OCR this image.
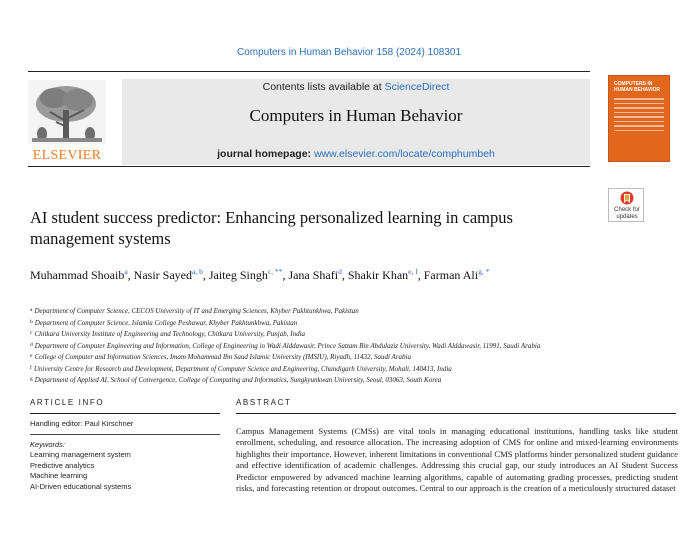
Computers in Human Behavior 158 (2024) 108301
ELSEVIER
Contents lists available at ScienceDirect
Computers in Human Behavior
journal homepage: www.elsevier.com/locate/comphumbeh
COMPUTERS IN HUMAN BEHAVIOR
Check for
updates
AI student success predictor: Enhancing personalized learning in campus management systems
Muhammad Shoaib$^a$, Nasir Sayed$^{a, b}$, Jaiteg Singh$^{c, **}$, Jana Shafi$^d$, Shakir Khan$^{e, f}$, Farman Ali$^{g, *}$
$^a$ Department of Computer Science, CECOS University of IT and Emerging Sciences, Khyber Pakhtunkhwa, Pakistan
$^b$ Department of Computer Science, Islamia College Peshawar, Khyber Pakhtunkhwa, Pakistan
$^c$ Chitkara University Institute of Engineering and Technology, Chitkara University, Punjab, India
$^d$ Department of Computer Engineering and Information, College of Engineering in Wadi Alddawasir, Prince Sattam Bin Abdulaziz University, Wadi Alddawasir, 11991, Saudi Arabia
$^e$ College of Computer and Information Sciences, Imam Mohammad Ibn Saud Islamic University (IMSIU), Riyadh, 11432, Saudi Arabia
$^f$ University Centre for Research and Development, Department of Computer Science and Engineering, Chandigarh University, Mohali, 140413, India
$^g$ Department of Applied AI, School of Convergence, College of Computing and Informatics, Sungkyunkwan University, Seoul, 03063, South Korea
ARTICLE INFO
Handling editor: Paul Kirschner
Keywords:
Learning management system
Predictive analytics
Machine learning
AI-Driven educational systems
ABSTRACT
Campus Management Systems (CMSs) are vital tools in managing educational institutions, handling tasks like student enrollment, scheduling, and resource allocation. The increasing adoption of CMS for online and mixed-learning environments highlights their importance. However, inherent limitations in conventional CMS platforms hinder personalized student guidance and effective identification of academic challenges. Addressing this crucial gap, our study introduces an AI Student Success Predictor empowered by advanced machine learning algorithms, capable of automating grading processes, predicting student risks, and forecasting retention or dropout outcomes. Central to our approach is the creation of a meticulously structured dataset
